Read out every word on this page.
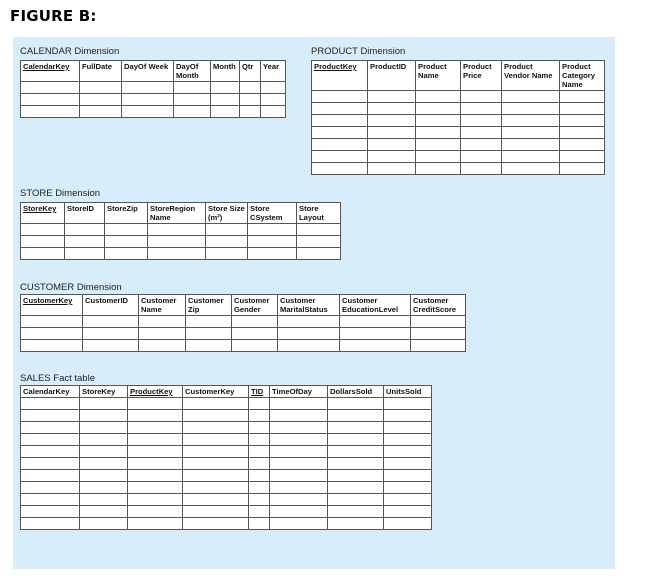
FIGURE B:
CALENDAR Dimension
CalendarKey	FullDate	DayOf Week	DayOf Month	Month	Qtr	Year

PRODUCT Dimension
ProductKey	ProductID	Product Name	Product Price	Product Vendor Name	Product Category Name

STORE Dimension
StoreKey	StoreID	StoreZip	StoreRegion Name	Store Size (m²)	Store CSystem	Store Layout

CUSTOMER Dimension
CustomerKey	CustomerID	Customer Name	Customer Zip	Customer Gender	Customer MaritalStatus	Customer EducationLevel	Customer CreditScore

SALES Fact table
CalendarKey	StoreKey	ProductKey	CustomerKey	TID	TimeOfDay	DollarsSold	UnitsSold
